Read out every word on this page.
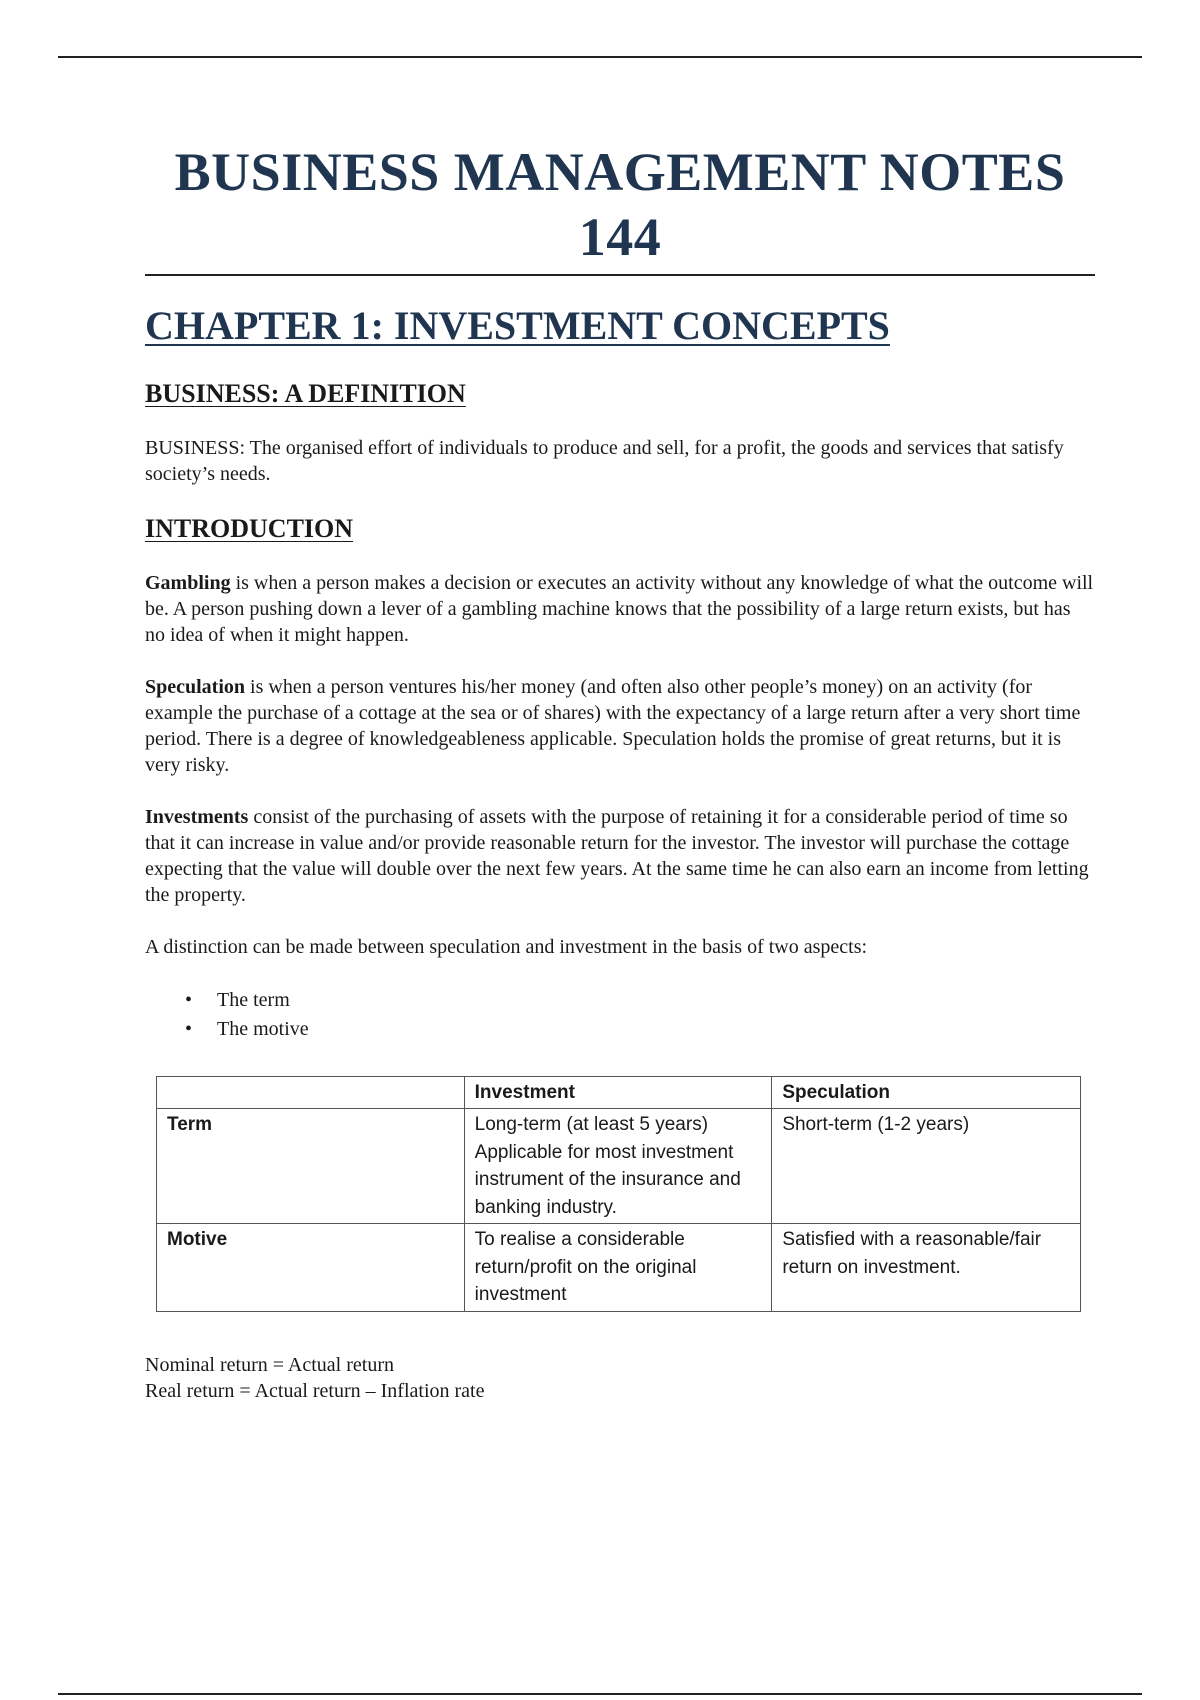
BUSINESS MANAGEMENT NOTES 144
CHAPTER 1: INVESTMENT CONCEPTS
BUSINESS: A DEFINITION

BUSINESS: The organised effort of individuals to produce and sell, for a profit, the goods and services that satisfy society’s needs.

INTRODUCTION

Gambling is when a person makes a decision or executes an activity without any knowledge of what the outcome will be. A person pushing down a lever of a gambling machine knows that the possibility of a large return exists, but has no idea of when it might happen.

Speculation is when a person ventures his/her money (and often also other people’s money) on an activity (for example the purchase of a cottage at the sea or of shares) with the expectancy of a large return after a very short time period. There is a degree of knowledgeableness applicable. Speculation holds the promise of great returns, but it is very risky.

Investments consist of the purchasing of assets with the purpose of retaining it for a considerable period of time so that it can increase in value and/or provide reasonable return for the investor. The investor will purchase the cottage expecting that the value will double over the next few years. At the same time he can also earn an income from letting the property.

A distinction can be made between speculation and investment in the basis of two aspects:

• The term
• The motive
	Investment	Speculation
Term	Long-term (at least 5 years) Applicable for most investment instrument of the insurance and banking industry.	Short-term (1-2 years)
Motive	To realise a considerable return/profit on the original investment	Satisfied with a reasonable/fair return on investment.
Nominal return = Actual return
Real return = Actual return – Inflation rate
